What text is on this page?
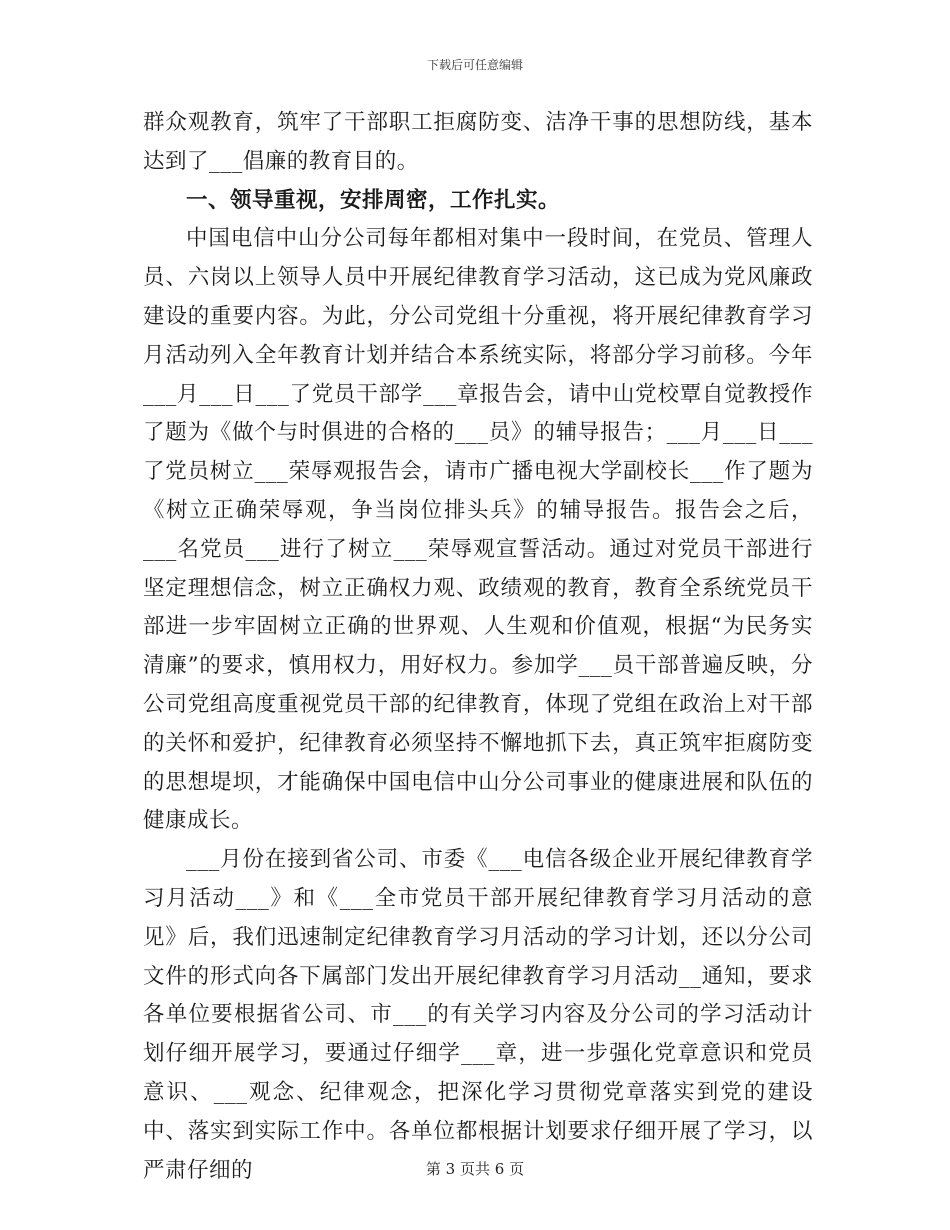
下载后可任意编辑

群众观教育，筑牢了干部职工拒腐防变、洁净干事的思想防线，基本达到了___倡廉的教育目的。

一、领导重视，安排周密，工作扎实。

中国电信中山分公司每年都相对集中一段时间，在党员、管理人员、六岗以上领导人员中开展纪律教育学习活动，这已成为党风廉政建设的重要内容。为此，分公司党组十分重视，将开展纪律教育学习月活动列入全年教育计划并结合本系统实际，将部分学习前移。今年___月___日___了党员干部学___章报告会，请中山党校覃自觉教授作了题为《做个与时俱进的合格的___员》的辅导报告；___月___日___了党员树立___荣辱观报告会，请市广播电视大学副校长___作了题为《树立正确荣辱观，争当岗位排头兵》的辅导报告。报告会之后，___名党员___进行了树立___荣辱观宣誓活动。通过对党员干部进行坚定理想信念，树立正确权力观、政绩观的教育，教育全系统党员干部进一步牢固树立正确的世界观、人生观和价值观，根据“为民务实清廉”的要求，慎用权力，用好权力。参加学___员干部普遍反映，分公司党组高度重视党员干部的纪律教育，体现了党组在政治上对干部的关怀和爱护，纪律教育必须坚持不懈地抓下去，真正筑牢拒腐防变的思想堤坝，才能确保中国电信中山分公司事业的健康进展和队伍的健康成长。

___月份在接到省公司、市委《___电信各级企业开展纪律教育学习月活动___》和《___全市党员干部开展纪律教育学习月活动的意见》后，我们迅速制定纪律教育学习月活动的学习计划，还以分公司文件的形式向各下属部门发出开展纪律教育学习月活动__通知，要求各单位要根据省公司、市___的有关学习内容及分公司的学习活动计划仔细开展学习，要通过仔细学___章，进一步强化党章意识和党员意识、___观念、纪律观念，把深化学习贯彻党章落实到党的建设中、落实到实际工作中。各单位都根据计划要求仔细开展了学习，以严肃仔细的	第 3 页共 6 页
